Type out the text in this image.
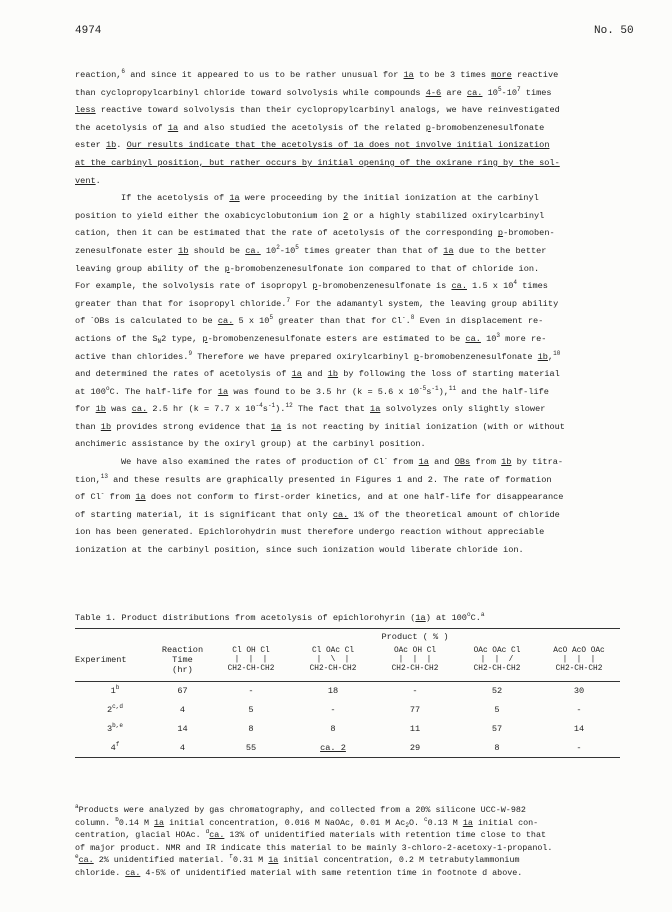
4974	No. 50
reaction,$^6$ and since it appeared to us to be rather unusual for 1a to be 3 times more reactive
than cyclopropylcarbinyl chloride toward solvolysis while compounds 4-6 are ca. $10^5-10^7$ times
less reactive toward solvolysis than their cyclopropylcarbinyl analogs, we have reinvestigated
the acetolysis of 1a and also studied the acetolysis of the related p-bromobenzenesulfonate
ester 1b. Our results indicate that the acetolysis of 1a does not involve initial ionization
at the carbinyl position, but rather occurs by initial opening of the oxirane ring by the sol-
vent.
If the acetolysis of 1a were proceeding by the initial ionization at the carbinyl
position to yield either the oxabicyclobutonium ion 2 or a highly stabilized oxirylcarbinyl
cation, then it can be estimated that the rate of acetolysis of the corresponding p-bromoben-
zenesulfonate ester 1b should be ca. $10^2-10^5$ times greater than that of 1a due to the better
leaving group ability of the p-bromobenzenesulfonate ion compared to that of chloride ion.
For example, the solvolysis rate of isopropyl p-bromobenzenesulfonate is ca. 1.5 x $10^4$ times
greater than that for isopropyl chloride.$^7$ For the adamantyl system, the leaving group ability
of -OBs is calculated to be ca. 5 x $10^5$ greater than that for Cl-.$^8$ Even in displacement re-
actions of the $S_N2$ type, p-bromobenzenesulfonate esters are estimated to be ca. $10^3$ more re-
active than chlorides.$^9$ Therefore we have prepared oxirylcarbinyl p-bromobenzenesulfonate 1b,$^{10}$
and determined the rates of acetolysis of 1a and 1b by following the loss of starting material
at 100$^o$C. The half-life for 1a was found to be 3.5 hr (k = 5.6 x $10^{-5}s^{-1}),^{11}$ and the half-life
for 1b was ca. 2.5 hr (k = 7.7 x $10^{-4}s^{-1}).^{12}$ The fact that 1a solvolyzes only slightly slower
than 1b provides strong evidence that 1a is not reacting by initial ionization (with or without
anchimeric assistance by the oxiryl group) at the carbinyl position.
We have also examined the rates of production of Cl- from 1a and OBs from 1b by titra-
tion,$^{13}$ and these results are graphically presented in Figures 1 and 2. The rate of formation
of Cl- from 1a does not conform to first-order kinetics, and at one half-life for disappearance
of starting material, it is significant that only ca. 1% of the theoretical amount of chloride
ion has been generated. Epichlorohydrin must therefore undergo reaction without appreciable
ionization at the carbinyl position, since such ionization would liberate chloride ion.
Table 1. Product distributions from acetolysis of epichlorohyrin (1a) at 100$^o$C.$^a$
		Product ( % )				
Experiment	Reaction
Time
(hr)	Cl OH Cl
|  |  |
CH2-CH-CH2	Cl OAc Cl
|  \  |
CH2-CH-CH2	OAc OH Cl
|  |  |
CH2-CH-CH2	OAc OAc Cl
|  |  /
CH2-CH-CH2	AcO AcO OAc
|  |  |
CH2-CH-CH2

1$^b$	67	-	18	-	52	30
2$^{c,d}$	4	5	-	77	5	-
3$^{b,e}$	14	8	8	11	57	14
4$^f$	4	55	ca. 2	29	8	-
$^a$Products were analyzed by gas chromatography, and collected from a 20% silicone UCC-W-982
column. $^b$0.14 M 1a initial concentration, 0.016 M NaOAc, 0.01 M $Ac_2O$. $^c$0.13 M 1a initial con-
centration, glacial HOAc. $^d$ca. 13% of unidentified materials with retention time close to that
of major product. NMR and IR indicate this material to be mainly 3-chloro-2-acetoxy-1-propanol.
$^e$ca. 2% unidentified material. $^f$0.31 M 1a initial concentration, 0.2 M tetrabutylammonium
chloride. ca. 4-5% of unidentified material with same retention time in footnote d above.
